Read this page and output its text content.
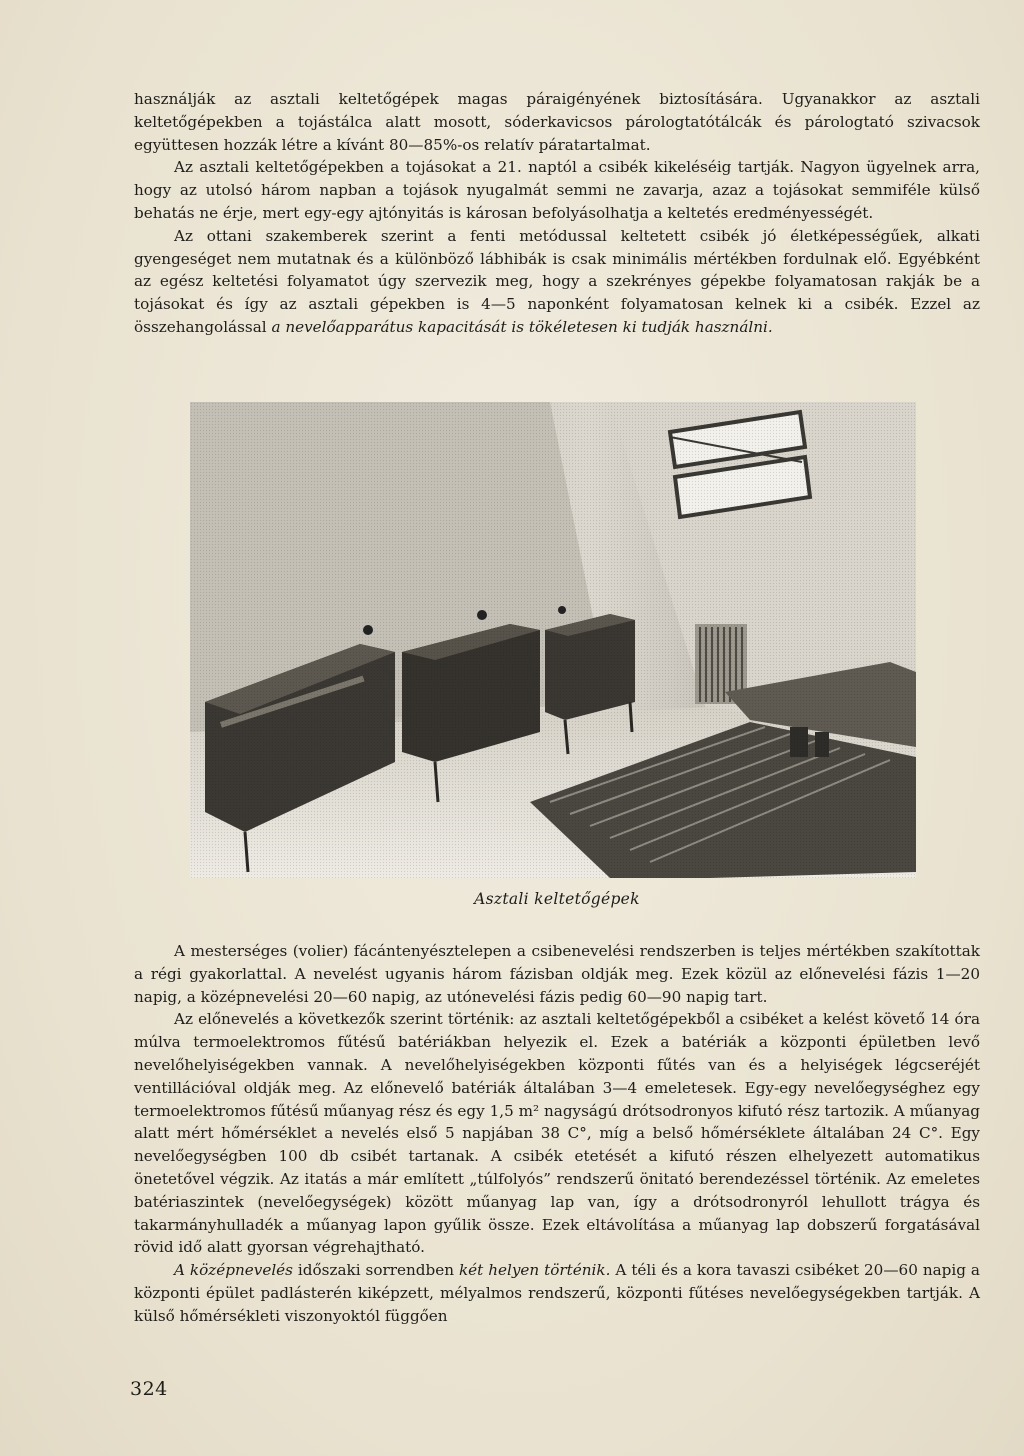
használják az asztali keltetőgépek magas páraigényének biztosítására. Ugyanakkor az asztali keltetőgépekben a tojástálca alatt mosott, sóderkavicsos párologtatótálcák és párologtató szivacsok együttesen hozzák létre a kívánt 80—85%-os relatív páratartalmat.

Az asztali keltetőgépekben a tojásokat a 21. naptól a csibék kikeléséig tartják. Nagyon ügyelnek arra, hogy az utolsó három napban a tojások nyugalmát semmi ne zavarja, azaz a tojásokat semmiféle külső behatás ne érje, mert egy-egy ajtónyitás is károsan befolyásolhatja a keltetés eredményességét.

Az ottani szakemberek szerint a fenti metódussal keltetett csibék jó életképességűek, alkati gyengeséget nem mutatnak és a különböző lábhibák is csak minimális mértékben fordulnak elő. Egyébként az egész keltetési folyamatot úgy szervezik meg, hogy a szekrényes gépekbe folyamatosan rakják be a tojásokat és így az asztali gépekben is 4—5 naponként folyamatosan kelnek ki a csibék. Ezzel az összehangolással a nevelőapparátus kapacitását is tökéletesen ki tudják használni.

Asztali keltetőgépek

A mesterséges (volier) fácántenyésztelepen a csibenevelési rendszerben is teljes mértékben szakítottak a régi gyakorlattal. A nevelést ugyanis három fázisban oldják meg. Ezek közül az előnevelési fázis 1—20 napig, a középnevelési 20—60 napig, az utónevelési fázis pedig 60—90 napig tart.

Az előnevelés a következők szerint történik: az asztali keltetőgépekből a csibéket a kelést követő 14 óra múlva termoelektromos fűtésű batériákban helyezik el. Ezek a batériák a központi épületben levő nevelőhelyiségekben vannak. A nevelőhelyiségekben központi fűtés van és a helyiségek légcseréjét ventillációval oldják meg. Az előnevelő batériák általában 3—4 emeletesek. Egy-egy nevelőegységhez egy termoelektromos fűtésű műanyag rész és egy 1,5 m² nagyságú drótsodronyos kifutó rész tartozik. A műanyag alatt mért hőmérséklet a nevelés első 5 napjában 38 C°, míg a belső hőmérséklete általában 24 C°. Egy nevelőegységben 100 db csibét tartanak. A csibék etetését a kifutó részen elhelyezett automatikus önetetővel végzik. Az itatás a már említett „túlfolyós” rendszerű önitató berendezéssel történik. Az emeletes batériaszintek (nevelőegységek) között műanyag lap van, így a drótsodronyról lehullott trágya és takarmányhulladék a műanyag lapon gyűlik össze. Ezek eltávolítása a műanyag lap dobszerű forgatásával rövid idő alatt gyorsan végrehajtható.

A középnevelés időszaki sorrendben két helyen történik. A téli és a kora tavaszi csibéket 20—60 napig a központi épület padlásterén kiképzett, mélyalmos rendszerű, központi fűtéses nevelőegységekben tartják. A külső hőmérsékleti viszonyoktól függően

324
